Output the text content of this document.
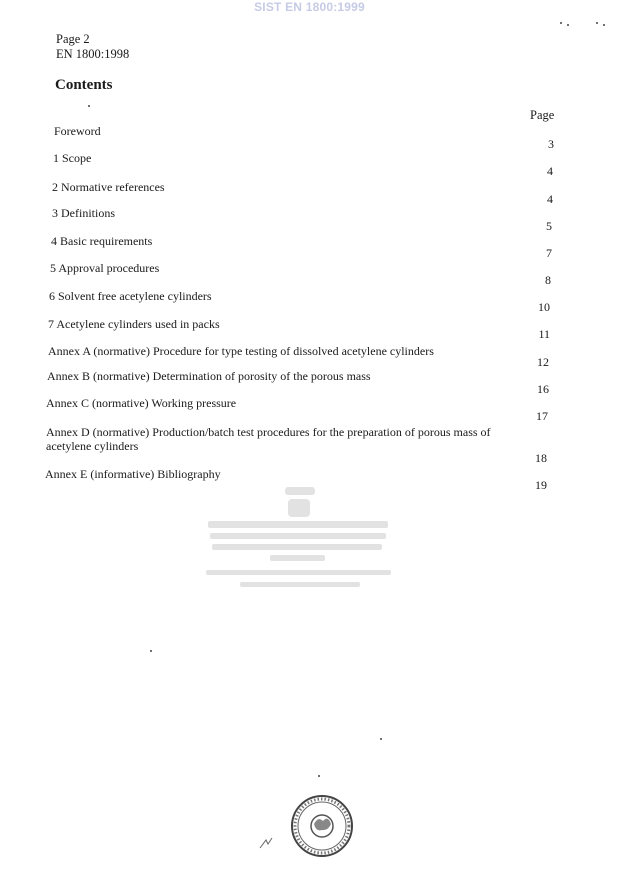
SIST EN 1800:1999
Page 2
EN 1800:1998
Contents
Page
Foreword
1 Scope
2 Normative references
3 Definitions
4 Basic requirements
5 Approval procedures
6 Solvent free acetylene cylinders
7 Acetylene cylinders used in packs
Annex A (normative) Procedure for type testing of dissolved acetylene cylinders
Annex B (normative) Determination of porosity of the porous mass
Annex C (normative) Working pressure
Annex D (normative) Production/batch test procedures for the preparation of porous mass of
acetylene cylinders
Annex E (informative) Bibliography
3
4
4
5
7
8
10
11
12
16
17
18
19
